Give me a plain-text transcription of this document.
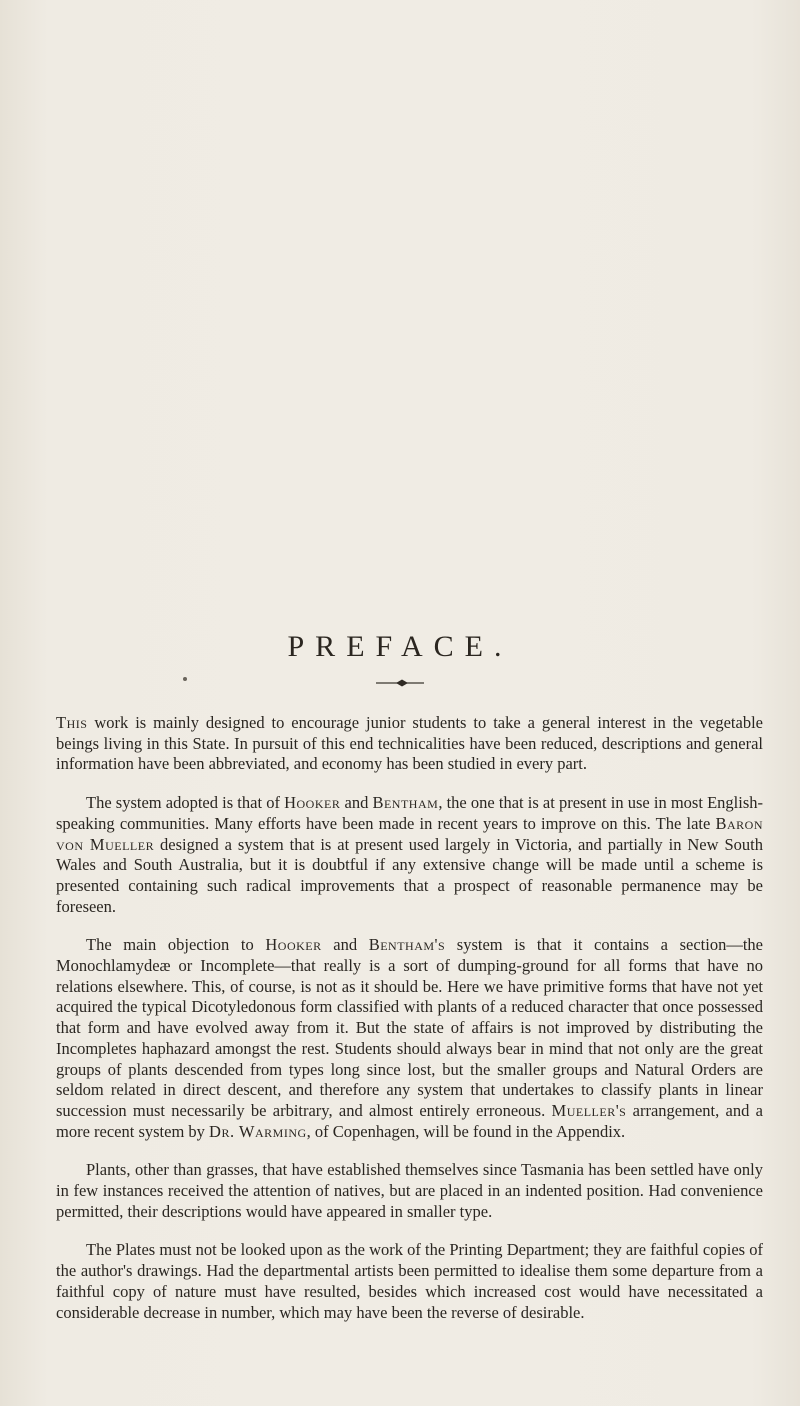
PREFACE.

This work is mainly designed to encourage junior students to take a general interest in the vegetable beings living in this State. In pursuit of this end technicalities have been reduced, descriptions and general information have been abbreviated, and economy has been studied in every part.

The system adopted is that of Hooker and Bentham, the one that is at present in use in most English-speaking communities. Many efforts have been made in recent years to improve on this. The late Baron von Mueller designed a system that is at present used largely in Victoria, and partially in New South Wales and South Australia, but it is doubtful if any extensive change will be made until a scheme is presented containing such radical improvements that a prospect of reasonable permanence may be foreseen.

The main objection to Hooker and Bentham's system is that it contains a section—the Monochlamydeæ or Incomplete—that really is a sort of dumping-ground for all forms that have no relations elsewhere. This, of course, is not as it should be. Here we have primitive forms that have not yet acquired the typical Dicotyledonous form classified with plants of a reduced character that once possessed that form and have evolved away from it. But the state of affairs is not improved by distributing the Incompletes haphazard amongst the rest. Students should always bear in mind that not only are the great groups of plants descended from types long since lost, but the smaller groups and Natural Orders are seldom related in direct descent, and therefore any system that undertakes to classify plants in linear succession must necessarily be arbitrary, and almost entirely erroneous. Mueller's arrangement, and a more recent system by Dr. Warming, of Copenhagen, will be found in the Appendix.

Plants, other than grasses, that have established themselves since Tasmania has been settled have only in few instances received the attention of natives, but are placed in an indented position. Had convenience permitted, their descriptions would have appeared in smaller type.

The Plates must not be looked upon as the work of the Printing Department; they are faithful copies of the author's drawings. Had the departmental artists been permitted to idealise them some departure from a faithful copy of nature must have resulted, besides which increased cost would have necessitated a considerable decrease in number, which may have been the reverse of desirable.
